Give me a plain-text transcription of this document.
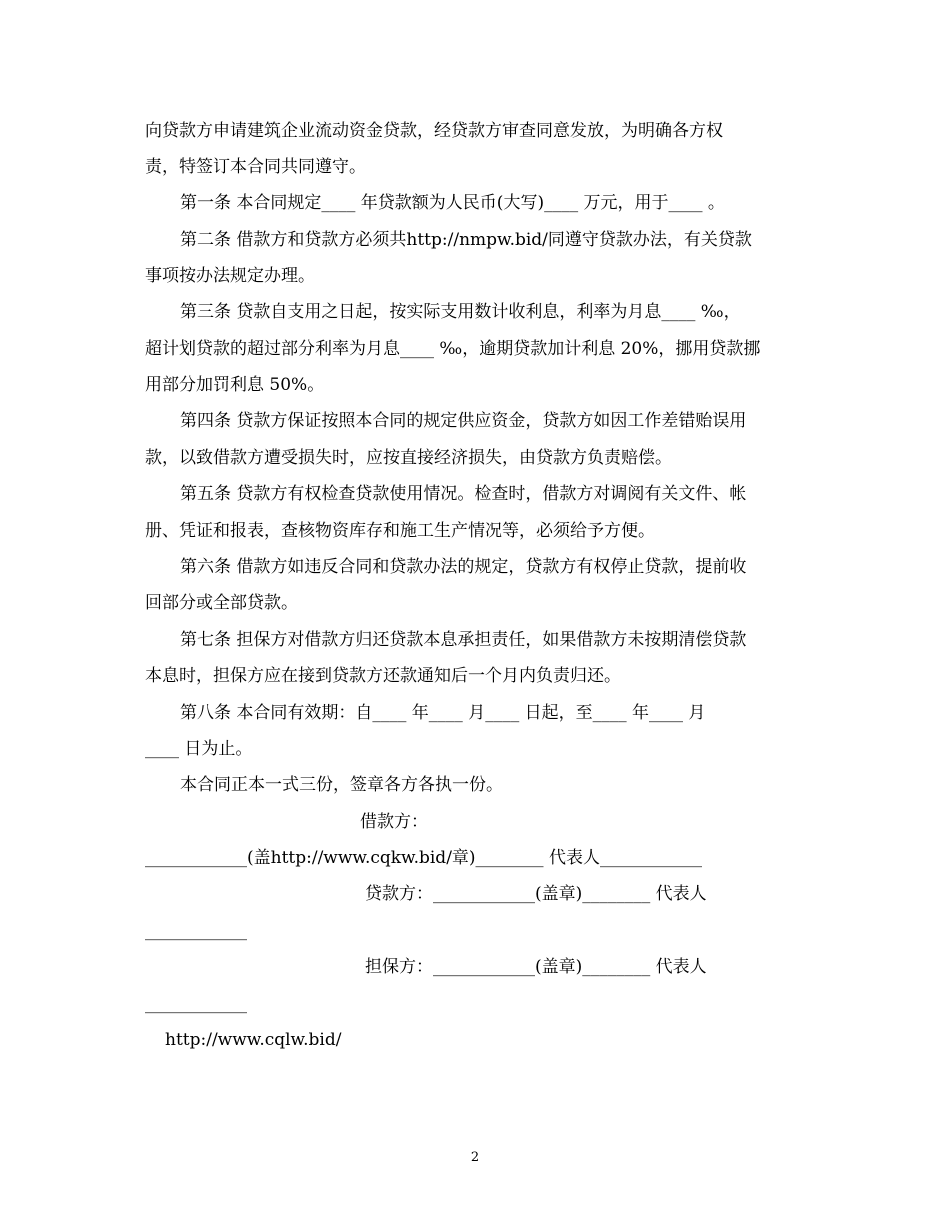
向贷款方申请建筑企业流动资金贷款，经贷款方审查同意发放，为明确各方权
责，特签订本合同共同遵守。
第一条 本合同规定____ 年贷款额为人民币(大写)____ 万元，用于____ 。
第二条 借款方和贷款方必须共http://nmpw.bid/同遵守贷款办法，有关贷款
事项按办法规定办理。
第三条 贷款自支用之日起，按实际支用数计收利息，利率为月息____ ‰，
超计划贷款的超过部分利率为月息____ ‰，逾期贷款加计利息 20%，挪用贷款挪
用部分加罚利息 50%。
第四条 贷款方保证按照本合同的规定供应资金，贷款方如因工作差错贻误用
款，以致借款方遭受损失时，应按直接经济损失，由贷款方负责赔偿。
第五条 贷款方有权检查贷款使用情况。检查时，借款方对调阅有关文件、帐
册、凭证和报表，查核物资库存和施工生产情况等，必须给予方便。
第六条 借款方如违反合同和贷款办法的规定，贷款方有权停止贷款，提前收
回部分或全部贷款。
第七条 担保方对借款方归还贷款本息承担责任，如果借款方未按期清偿贷款
本息时，担保方应在接到贷款方还款通知后一个月内负责归还。
第八条 本合同有效期：自____ 年____ 月____ 日起，至____ 年____ 月
____ 日为止。
本合同正本一式三份，签章各方各执一份。
借款方：
____________(盖http://www.cqkw.bid/章)________ 代表人____________
贷款方：____________(盖章)________ 代表人
____________
担保方：____________(盖章)________ 代表人
____________
http://www.cqlw.bid/
2
